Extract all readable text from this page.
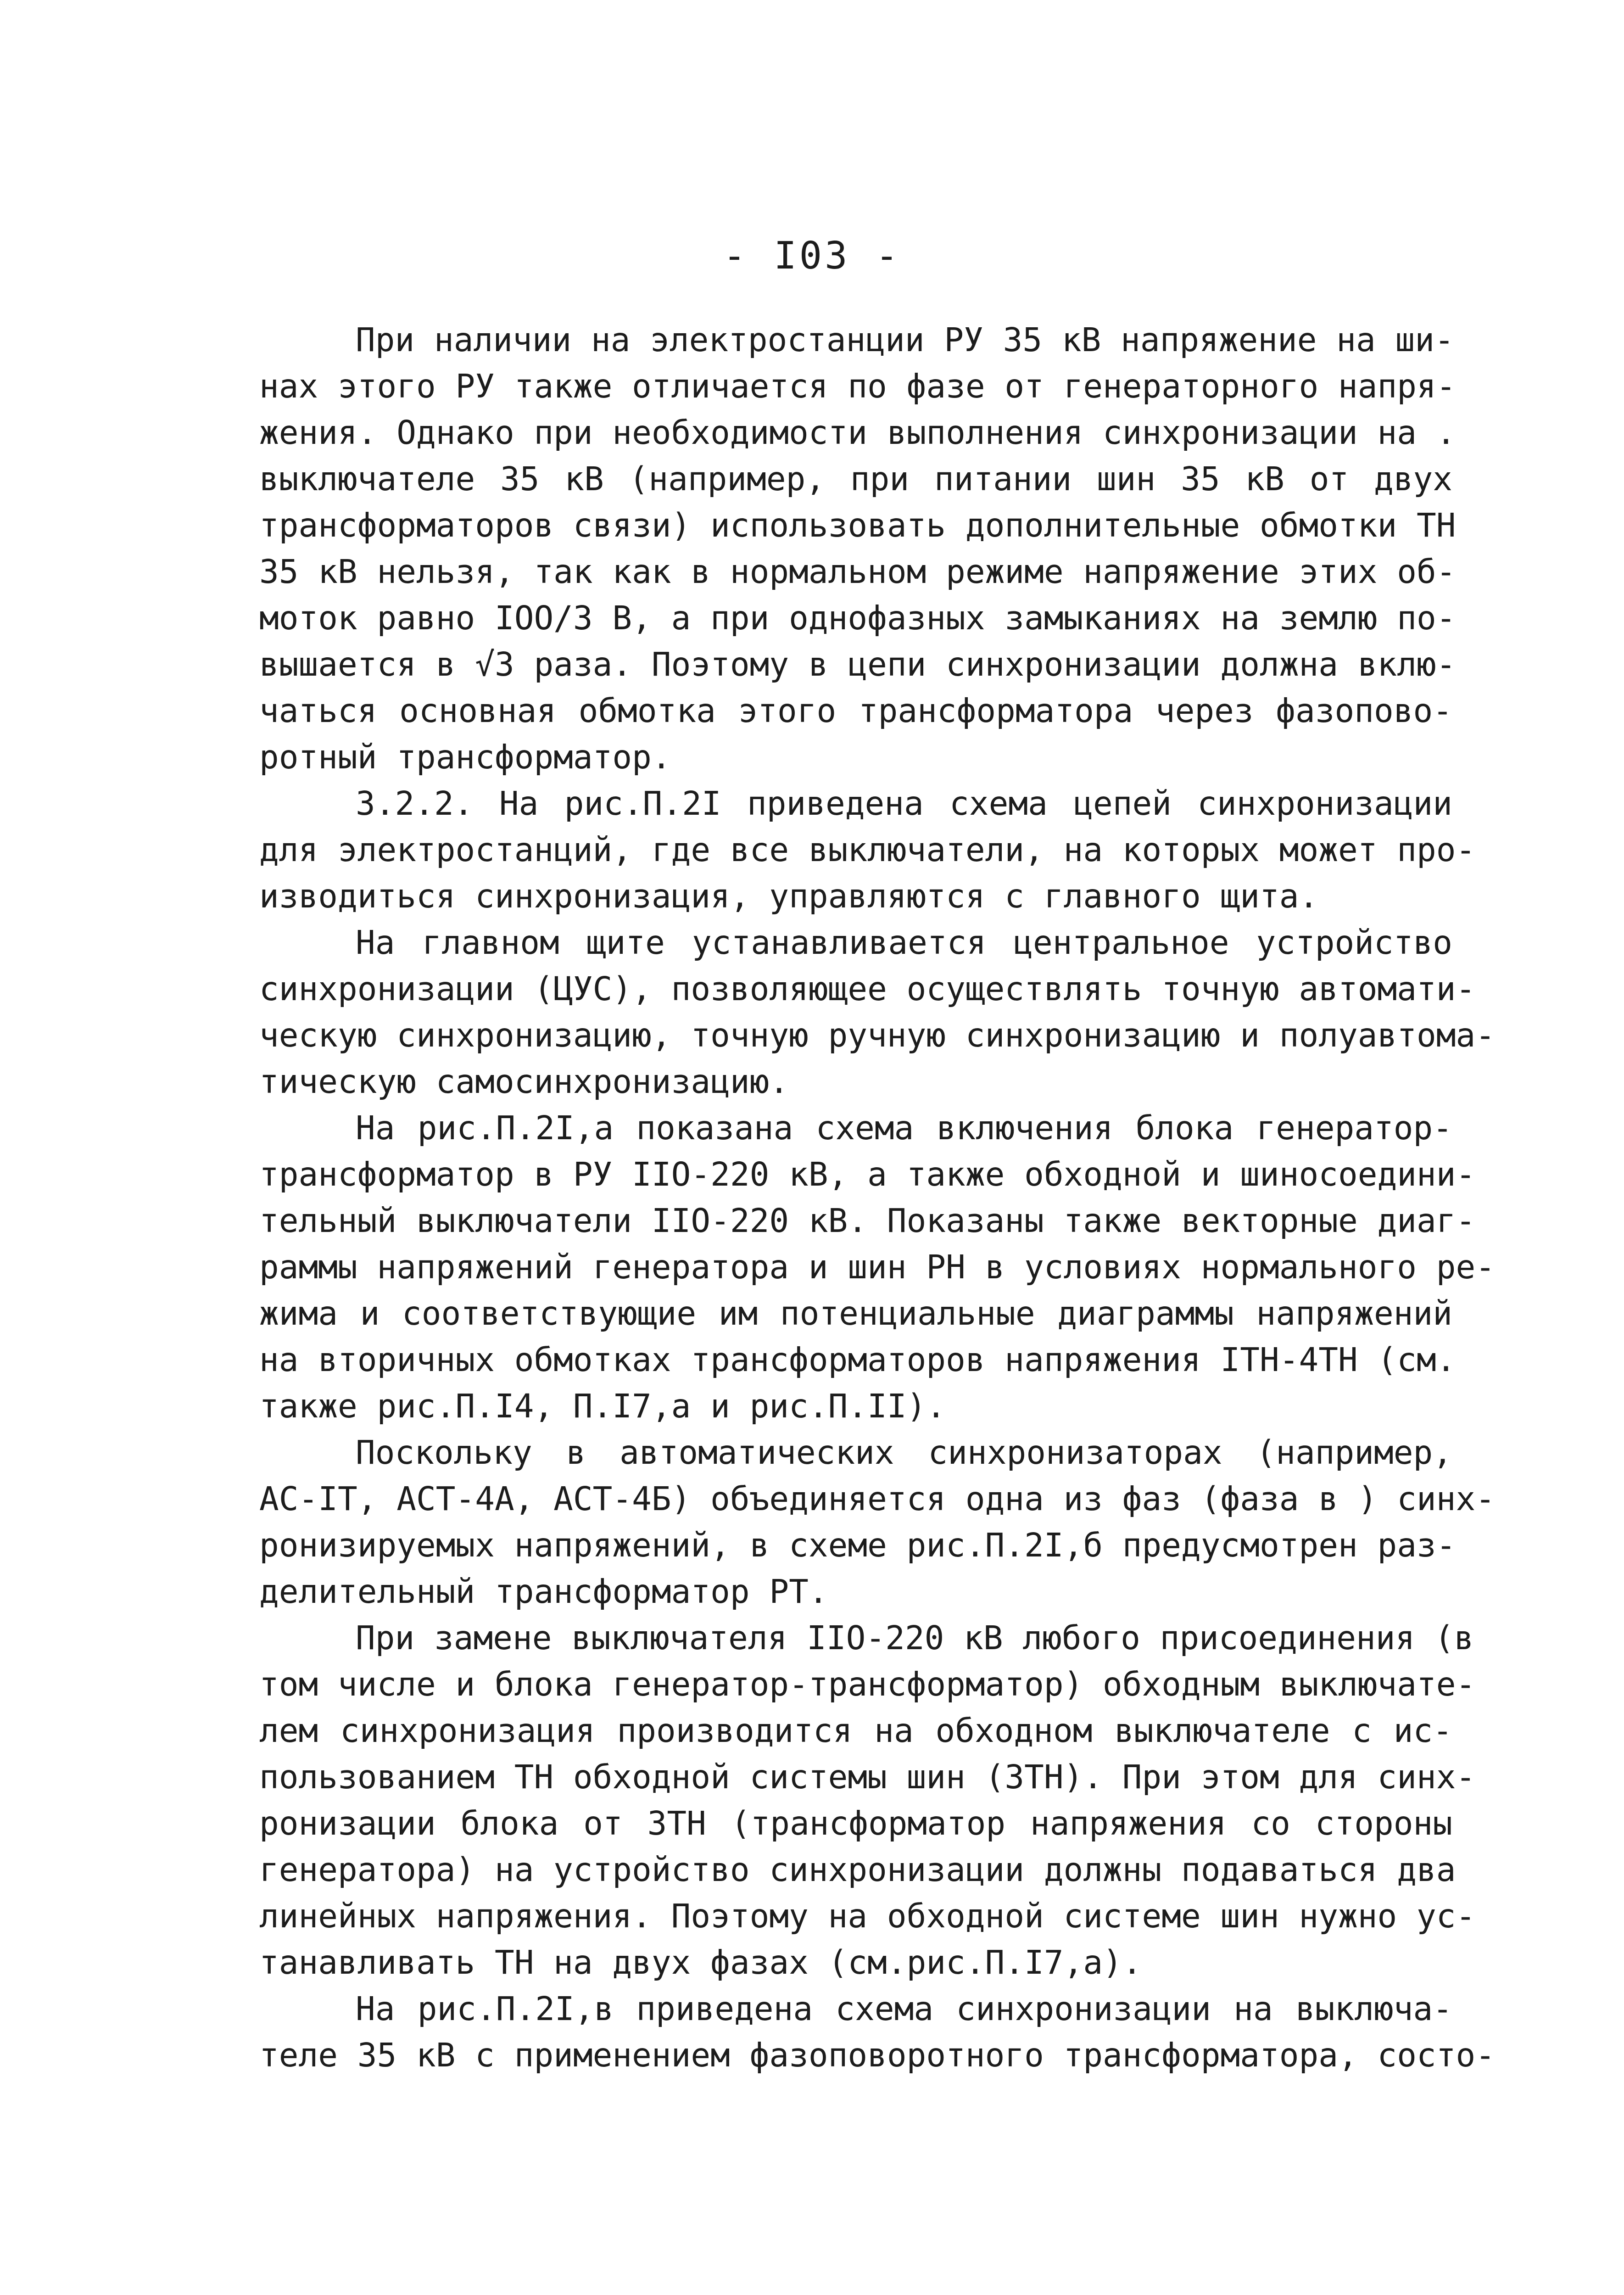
- I03 -
При наличии на электростанции РУ 35 кВ напряжение на ши-
нах этого РУ также отличается по фазе от генераторного напря-
жения. Однако при необходимости выполнения синхронизации на .
выключателе 35 кВ (например, при питании шин 35 кВ от двух
трансформаторов связи) использовать дополнительные обмотки ТН
35 кВ нельзя, так как в нормальном режиме напряжение этих об-
моток равно IOO/3 В, а при однофазных замыканиях на землю по-
вышается в √3 раза. Поэтому в цепи синхронизации должна вклю-
чаться основная обмотка этого трансформатора через фазопово-
ротный трансформатор.
3.2.2. На рис.П.2I приведена схема цепей синхронизации
для электростанций, где все выключатели, на которых может про-
изводиться синхронизация, управляются с главного щита.
На главном щите устанавливается центральное устройство
синхронизации (ЦУС), позволяющее осуществлять точную автомати-
ческую синхронизацию, точную ручную синхронизацию и полуавтома-
тическую самосинхронизацию.
На рис.П.2I,а показана схема включения блока генератор-
трансформатор в РУ IIO-220 кВ, а также обходной и шиносоедини-
тельный выключатели IIO-220 кВ. Показаны также векторные диаг-
раммы напряжений генератора и шин РН в условиях нормального ре-
жима и соответствующие им потенциальные диаграммы напряжений
на вторичных обмотках трансформаторов напряжения ITH-4TH (см.
также рис.П.I4, П.I7,а и рис.П.II).
Поскольку в автоматических синхронизаторах (например,
АС-IТ, АСТ-4А, АСТ-4Б) объединяется одна из фаз (фаза в ) синх-
ронизируемых напряжений, в схеме рис.П.2I,б предусмотрен раз-
делительный трансформатор РТ.
При замене выключателя IIO-220 кВ любого присоединения (в
том числе и блока генератор-трансформатор) обходным выключате-
лем синхронизация производится на обходном выключателе с ис-
пользованием ТН обходной системы шин (3ТН). При этом для синх-
ронизации блока от 3ТН (трансформатор напряжения со стороны
генератора) на устройство синхронизации должны подаваться два
линейных напряжения. Поэтому на обходной системе шин нужно ус-
танавливать ТН на двух фазах (см.рис.П.I7,а).
На рис.П.2I,в приведена схема синхронизации на выключа-
теле 35 кВ с применением фазоповоротного трансформатора, состо-
